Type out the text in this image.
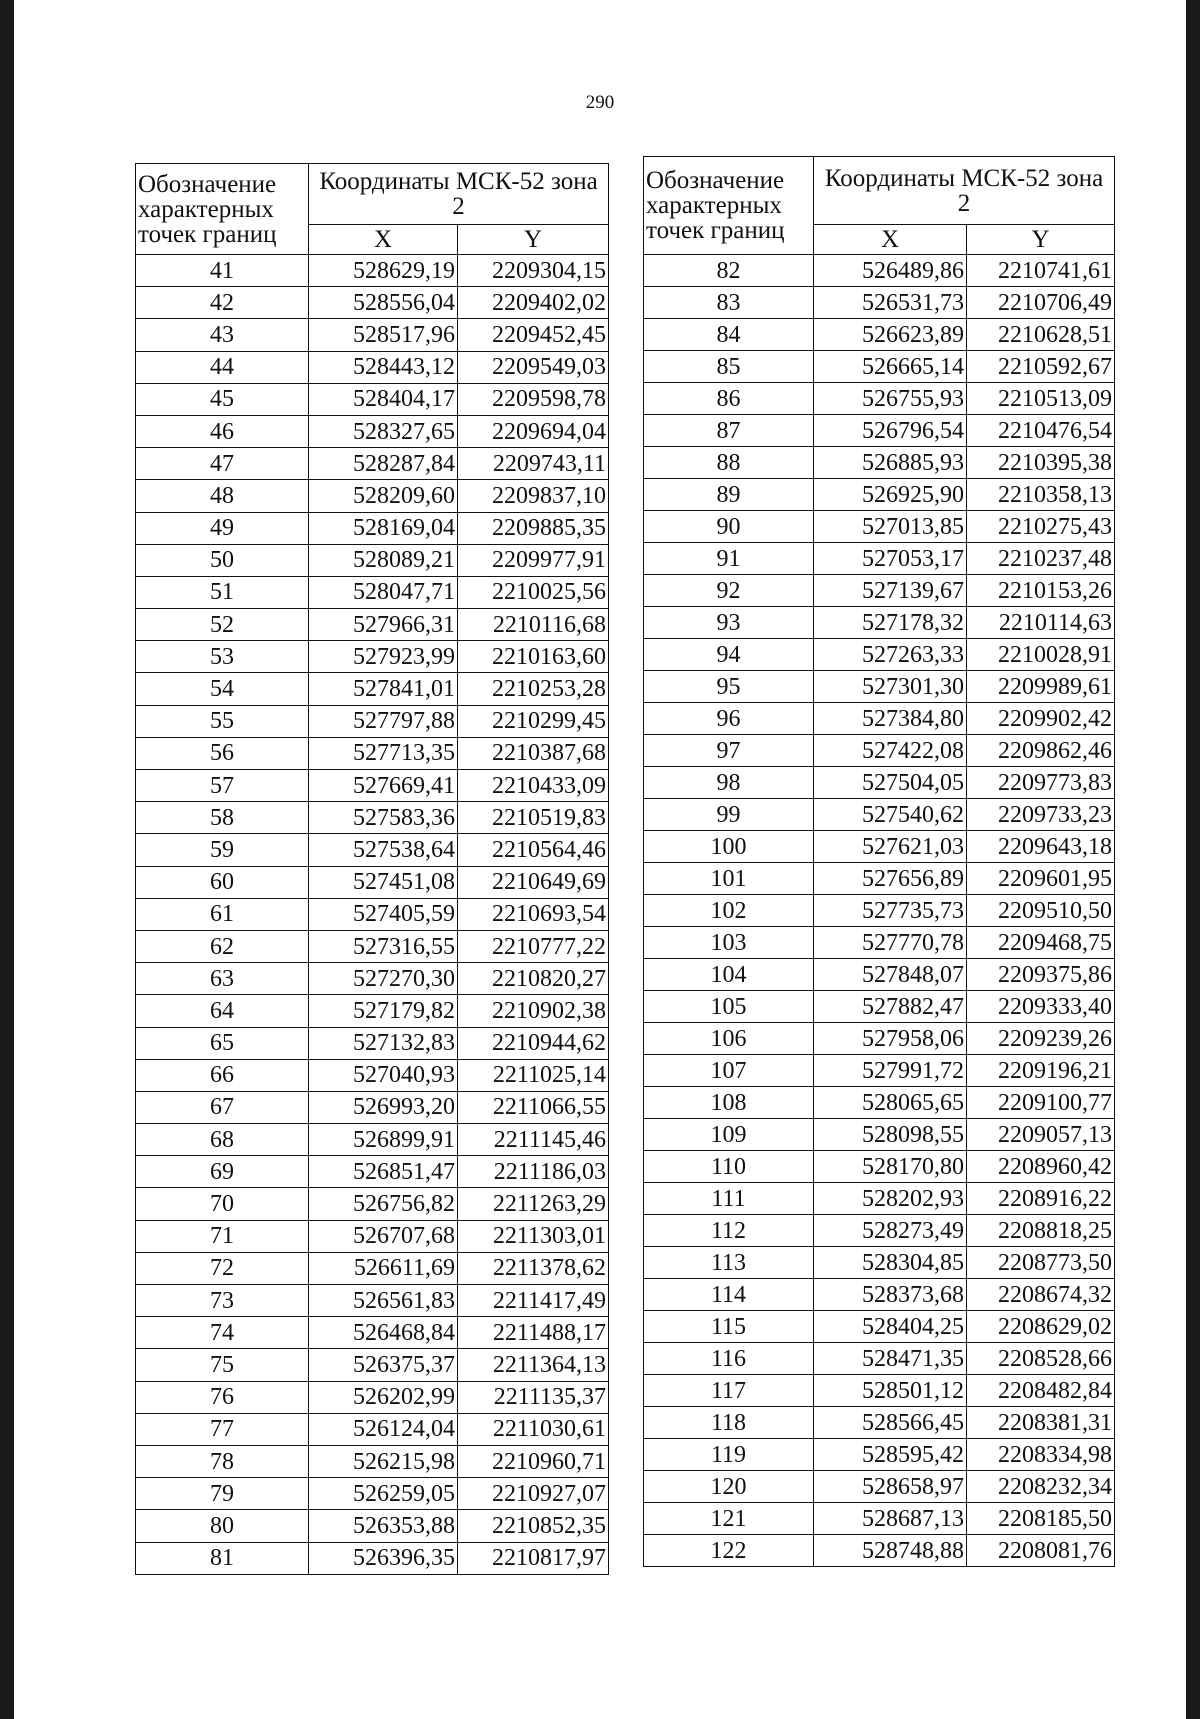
290
Обозначение характерных точек границ	Координаты МСК-52 зона 2	
	X	Y
41	528629,19	2209304,15
42	528556,04	2209402,02
43	528517,96	2209452,45
44	528443,12	2209549,03
45	528404,17	2209598,78
46	528327,65	2209694,04
47	528287,84	2209743,11
48	528209,60	2209837,10
49	528169,04	2209885,35
50	528089,21	2209977,91
51	528047,71	2210025,56
52	527966,31	2210116,68
53	527923,99	2210163,60
54	527841,01	2210253,28
55	527797,88	2210299,45
56	527713,35	2210387,68
57	527669,41	2210433,09
58	527583,36	2210519,83
59	527538,64	2210564,46
60	527451,08	2210649,69
61	527405,59	2210693,54
62	527316,55	2210777,22
63	527270,30	2210820,27
64	527179,82	2210902,38
65	527132,83	2210944,62
66	527040,93	2211025,14
67	526993,20	2211066,55
68	526899,91	2211145,46
69	526851,47	2211186,03
70	526756,82	2211263,29
71	526707,68	2211303,01
72	526611,69	2211378,62
73	526561,83	2211417,49
74	526468,84	2211488,17
75	526375,37	2211364,13
76	526202,99	2211135,37
77	526124,04	2211030,61
78	526215,98	2210960,71
79	526259,05	2210927,07
80	526353,88	2210852,35
81	526396,35	2210817,97
Обозначение характерных точек границ	Координаты МСК-52 зона 2	
	X	Y
82	526489,86	2210741,61
83	526531,73	2210706,49
84	526623,89	2210628,51
85	526665,14	2210592,67
86	526755,93	2210513,09
87	526796,54	2210476,54
88	526885,93	2210395,38
89	526925,90	2210358,13
90	527013,85	2210275,43
91	527053,17	2210237,48
92	527139,67	2210153,26
93	527178,32	2210114,63
94	527263,33	2210028,91
95	527301,30	2209989,61
96	527384,80	2209902,42
97	527422,08	2209862,46
98	527504,05	2209773,83
99	527540,62	2209733,23
100	527621,03	2209643,18
101	527656,89	2209601,95
102	527735,73	2209510,50
103	527770,78	2209468,75
104	527848,07	2209375,86
105	527882,47	2209333,40
106	527958,06	2209239,26
107	527991,72	2209196,21
108	528065,65	2209100,77
109	528098,55	2209057,13
110	528170,80	2208960,42
111	528202,93	2208916,22
112	528273,49	2208818,25
113	528304,85	2208773,50
114	528373,68	2208674,32
115	528404,25	2208629,02
116	528471,35	2208528,66
117	528501,12	2208482,84
118	528566,45	2208381,31
119	528595,42	2208334,98
120	528658,97	2208232,34
121	528687,13	2208185,50
122	528748,88	2208081,76
